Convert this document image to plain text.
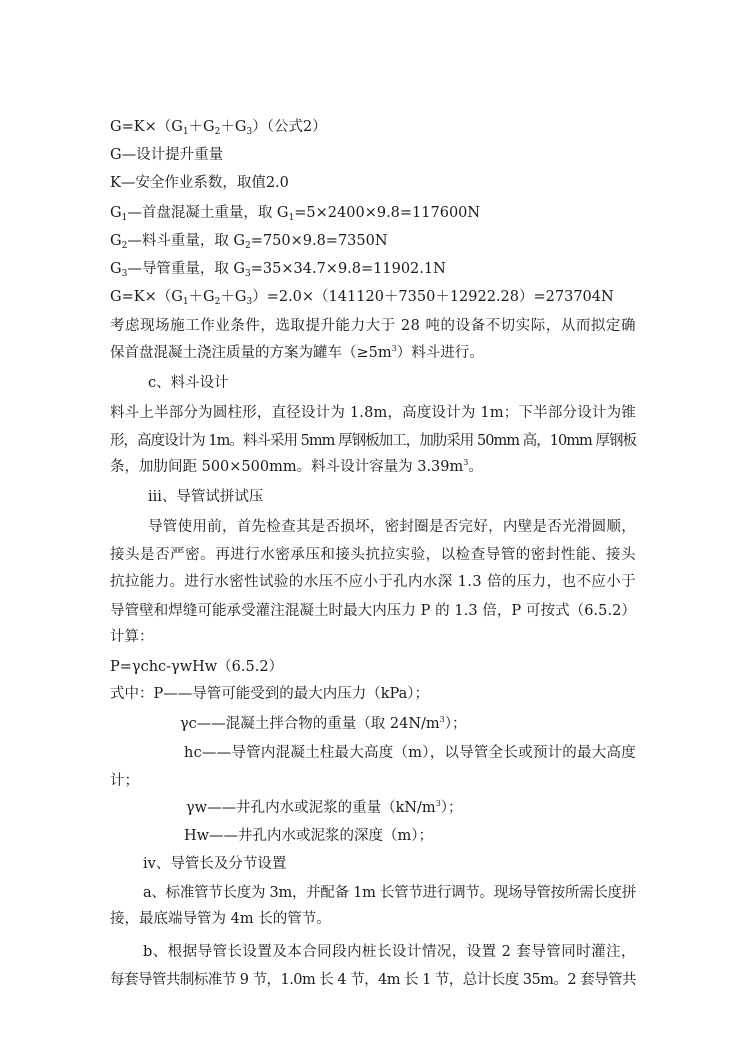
$G=K\times(G_1+G_2+G_3)$（公式2）
G—设计提升重量
K—安全作业系数，取值2.0
$G_1—$首盘混凝土重量，取 $G_1=5\times 2400\times 9.8=117600N$
$G_2—$料斗重量，取 $G_2=750\times 9.8=7350N$
$G_3—$导管重量，取 $G_3=35\times 34.7\times 9.8=11902.1N$
$G=K\times(G_1+G_2+G_3)=2.0\times(141120+7350+12922.28)=273704N$
考虑现场施工作业条件，选取提升能力大于 28 吨的设备不切实际，从而拟定确
保首盘混凝土浇注质量的方案为罐车$(\ge 5m^3)$料斗进行。
c、料斗设计
料斗上半部分为圆柱形，直径设计为 1.8m，高度设计为 1m；下半部分设计为锥
形，高度设计为 1m。料斗采用 5mm 厚钢板加工，加肋采用 50mm 高，10mm 厚钢板
条，加肋间距 500×500mm。料斗设计容量为 $3.39m^3$。
iii、导管试拼试压
导管使用前，首先检查其是否损坏，密封圈是否完好，内壁是否光滑圆顺，
接头是否严密。再进行水密承压和接头抗拉实验，以检查导管的密封性能、接头
抗拉能力。进行水密性试验的水压不应小于孔内水深 1.3 倍的压力，也不应小于
导管壁和焊缝可能承受灌注混凝土时最大内压力 P 的 1.3 倍，P 可按式（6.5.2）
计算：
P=γchc-γwHw（6.5.2）
式中：P——导管可能受到的最大内压力（kPa）；
γc——混凝土拌合物的重量（取 $24N/m^3$）；
hc——导管内混凝土柱最大高度（m），以导管全长或预计的最大高度
计；
γw——井孔内水或泥浆的重量$(kN/m^3)$；
Hw——井孔内水或泥浆的深度（m）；
iv、导管长及分节设置
a、标准管节长度为 3m，并配备 1m 长管节进行调节。现场导管按所需长度拼
接，最底端导管为 4m 长的管节。
b、根据导管长设置及本合同段内桩长设计情况，设置 2 套导管同时灌注，
每套导管共制标准节 9 节，1.0m 长 4 节，4m 长 1 节，总计长度 35m。2 套导管共
